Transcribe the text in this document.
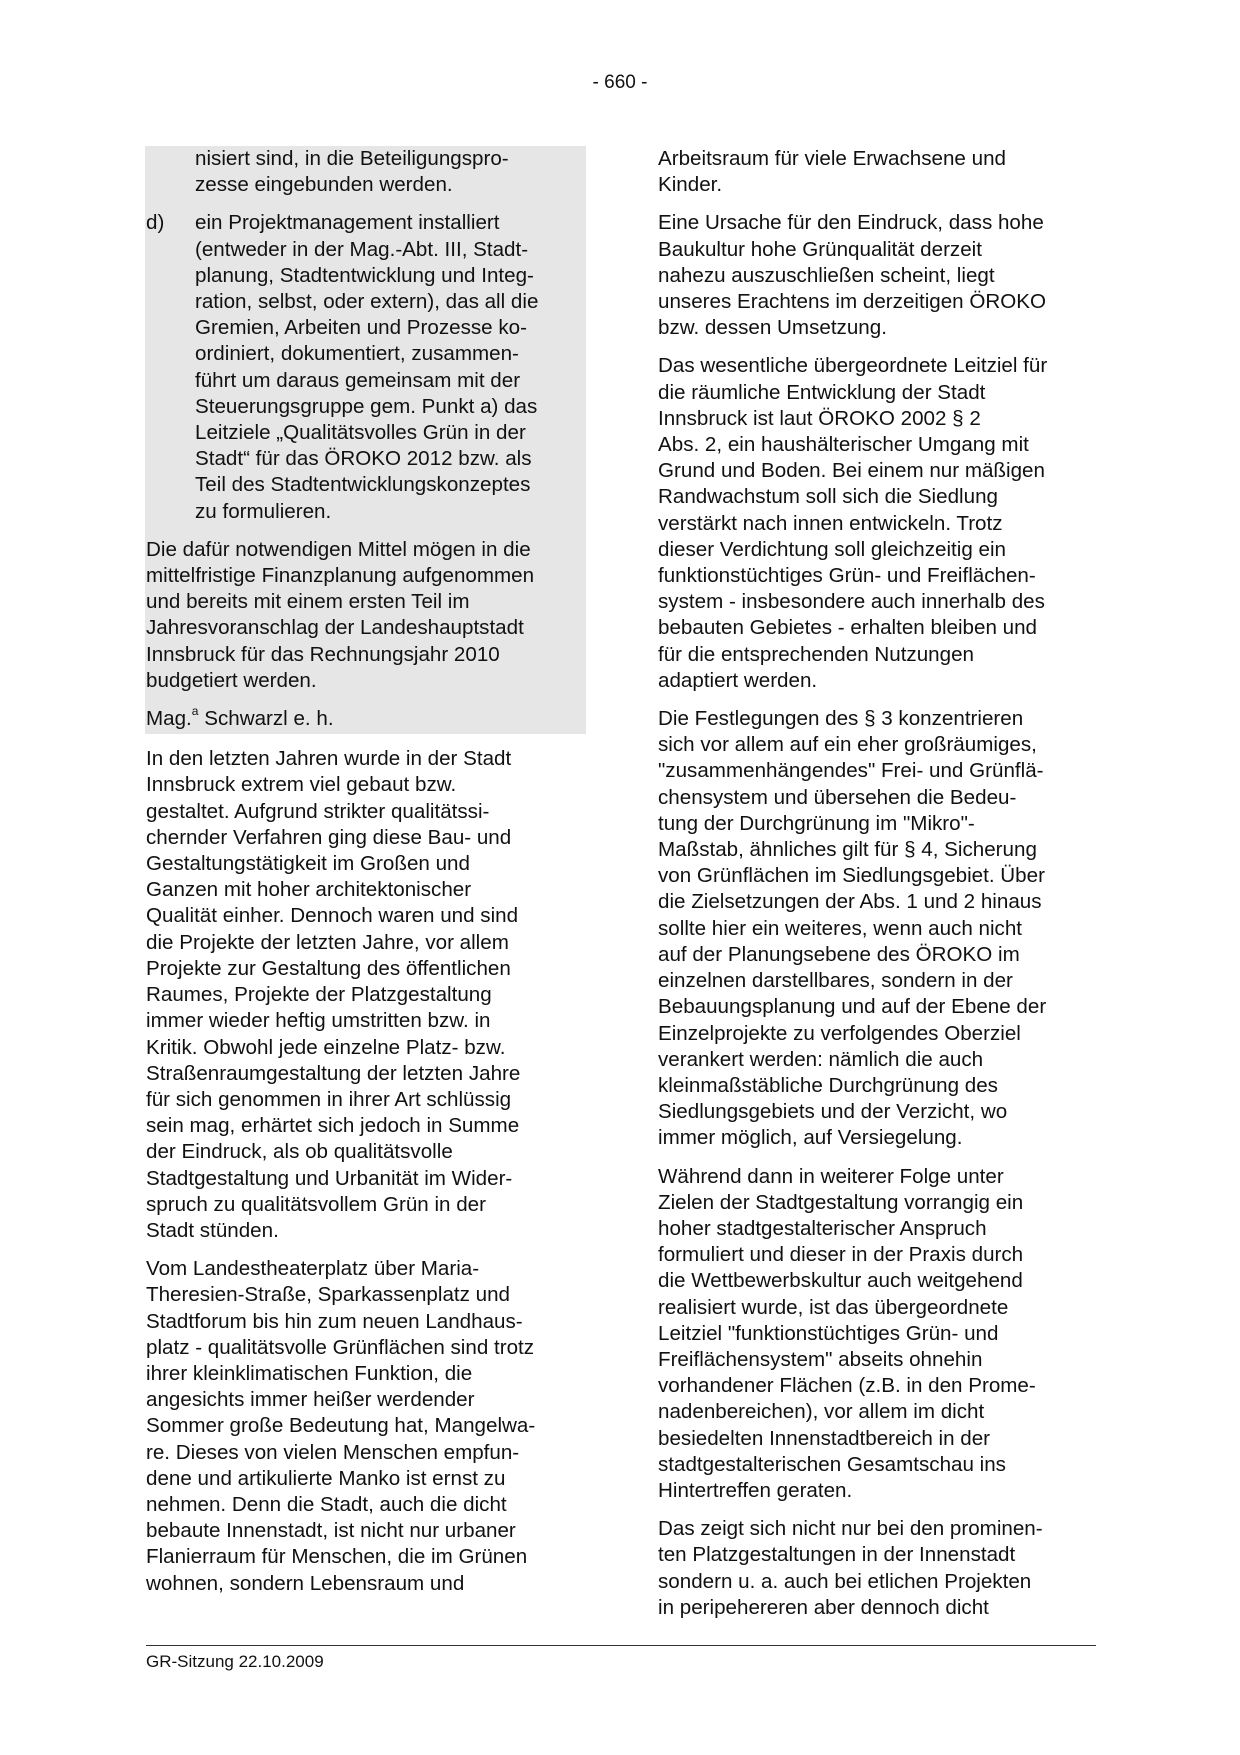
- 660 -
nisiert sind, in die Beteiligungspro-
zesse eingebunden werden.
d)	ein Projektmanagement installiert
(entweder in der Mag.-Abt. III, Stadt-
planung, Stadtentwicklung und Integ-
ration, selbst, oder extern), das all die
Gremien, Arbeiten und Prozesse ko-
ordiniert, dokumentiert, zusammen-
führt um daraus gemeinsam mit der
Steuerungsgruppe gem. Punkt a) das
Leitziele „Qualitätsvolles Grün in der
Stadt“ für das ÖROKO 2012 bzw. als
Teil des Stadtentwicklungskonzeptes
zu formulieren.
Die dafür notwendigen Mittel mögen in die
mittelfristige Finanzplanung aufgenommen
und bereits mit einem ersten Teil im
Jahresvoranschlag der Landeshauptstadt
Innsbruck für das Rechnungsjahr 2010
budgetiert werden.
Mag.$^a$ Schwarzl e. h.
In den letzten Jahren wurde in der Stadt
Innsbruck extrem viel gebaut bzw.
gestaltet. Aufgrund strikter qualitätssi-
chernder Verfahren ging diese Bau- und
Gestaltungstätigkeit im Großen und
Ganzen mit hoher architektonischer
Qualität einher. Dennoch waren und sind
die Projekte der letzten Jahre, vor allem
Projekte zur Gestaltung des öffentlichen
Raumes, Projekte der Platzgestaltung
immer wieder heftig umstritten bzw. in
Kritik. Obwohl jede einzelne Platz- bzw.
Straßenraumgestaltung der letzten Jahre
für sich genommen in ihrer Art schlüssig
sein mag, erhärtet sich jedoch in Summe
der Eindruck, als ob qualitätsvolle
Stadtgestaltung und Urbanität im Wider-
spruch zu qualitätsvollem Grün in der
Stadt stünden.
Vom Landestheaterplatz über Maria-
Theresien-Straße, Sparkassenplatz und
Stadtforum bis hin zum neuen Landhaus-
platz - qualitätsvolle Grünflächen sind trotz
ihrer kleinklimatischen Funktion, die
angesichts immer heißer werdender
Sommer große Bedeutung hat, Mangelwa-
re. Dieses von vielen Menschen empfun-
dene und artikulierte Manko ist ernst zu
nehmen. Denn die Stadt, auch die dicht
bebaute Innenstadt, ist nicht nur urbaner
Flanierraum für Menschen, die im Grünen
wohnen, sondern Lebensraum und
Arbeitsraum für viele Erwachsene und
Kinder.
Eine Ursache für den Eindruck, dass hohe
Baukultur hohe Grünqualität derzeit
nahezu auszuschließen scheint, liegt
unseres Erachtens im derzeitigen ÖROKO
bzw. dessen Umsetzung.
Das wesentliche übergeordnete Leitziel für
die räumliche Entwicklung der Stadt
Innsbruck ist laut ÖROKO 2002 § 2
Abs. 2, ein haushälterischer Umgang mit
Grund und Boden. Bei einem nur mäßigen
Randwachstum soll sich die Siedlung
verstärkt nach innen entwickeln. Trotz
dieser Verdichtung soll gleichzeitig ein
funktionstüchtiges Grün- und Freiflächen-
system - insbesondere auch innerhalb des
bebauten Gebietes - erhalten bleiben und
für die entsprechenden Nutzungen
adaptiert werden.
Die Festlegungen des § 3 konzentrieren
sich vor allem auf ein eher großräumiges,
"zusammenhängendes" Frei- und Grünflä-
chensystem und übersehen die Bedeu-
tung der Durchgrünung im "Mikro"-
Maßstab, ähnliches gilt für § 4, Sicherung
von Grünflächen im Siedlungsgebiet. Über
die Zielsetzungen der Abs. 1 und 2 hinaus
sollte hier ein weiteres, wenn auch nicht
auf der Planungsebene des ÖROKO im
einzelnen darstellbares, sondern in der
Bebauungsplanung und auf der Ebene der
Einzelprojekte zu verfolgendes Oberziel
verankert werden: nämlich die auch
kleinmaßstäbliche Durchgrünung des
Siedlungsgebiets und der Verzicht, wo
immer möglich, auf Versiegelung.
Während dann in weiterer Folge unter
Zielen der Stadtgestaltung vorrangig ein
hoher stadtgestalterischer Anspruch
formuliert und dieser in der Praxis durch
die Wettbewerbskultur auch weitgehend
realisiert wurde, ist das übergeordnete
Leitziel "funktionstüchtiges Grün- und
Freiflächensystem" abseits ohnehin
vorhandener Flächen (z.B. in den Prome-
nadenbereichen), vor allem im dicht
besiedelten Innenstadtbereich in der
stadtgestalterischen Gesamtschau ins
Hintertreffen geraten.
Das zeigt sich nicht nur bei den prominen-
ten Platzgestaltungen in der Innenstadt
sondern u. a. auch bei etlichen Projekten
in peripehereren aber dennoch dicht
GR-Sitzung 22.10.2009
